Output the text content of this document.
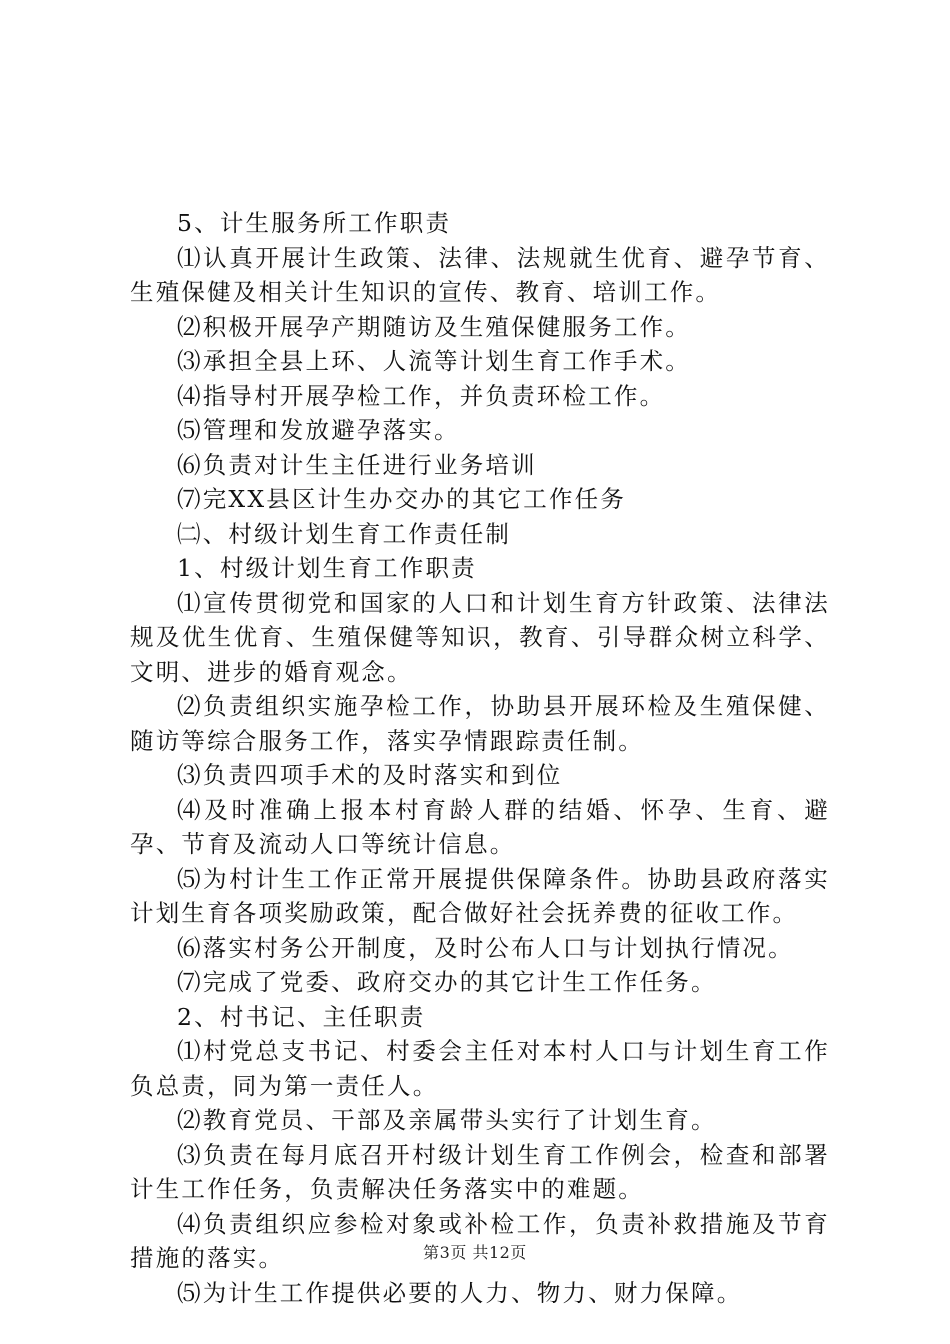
5、计生服务所工作职责

⑴认真开展计生政策、法律、法规就生优育、避孕节育、生殖保健及相关计生知识的宣传、教育、培训工作。

⑵积极开展孕产期随访及生殖保健服务工作。

⑶承担全县上环、人流等计划生育工作手术。

⑷指导村开展孕检工作，并负责环检工作。

⑸管理和发放避孕落实。

⑹负责对计生主任进行业务培训

⑺完XX县区计生办交办的其它工作任务

㈡、村级计划生育工作责任制

1、村级计划生育工作职责

⑴宣传贯彻党和国家的人口和计划生育方针政策、法律法规及优生优育、生殖保健等知识，教育、引导群众树立科学、文明、进步的婚育观念。

⑵负责组织实施孕检工作，协助县开展环检及生殖保健、随访等综合服务工作，落实孕情跟踪责任制。

⑶负责四项手术的及时落实和到位

⑷及时准确上报本村育龄人群的结婚、怀孕、生育、避孕、节育及流动人口等统计信息。

⑸为村计生工作正常开展提供保障条件。协助县政府落实计划生育各项奖励政策，配合做好社会抚养费的征收工作。

⑹落实村务公开制度，及时公布人口与计划执行情况。

⑺完成了党委、政府交办的其它计生工作任务。

2、村书记、主任职责

⑴村党总支书记、村委会主任对本村人口与计划生育工作负总责，同为第一责任人。

⑵教育党员、干部及亲属带头实行了计划生育。

⑶负责在每月底召开村级计划生育工作例会，检查和部署计生工作任务，负责解决任务落实中的难题。

⑷负责组织应参检对象或补检工作，负责补救措施及节育措施的落实。

⑸为计生工作提供必要的人力、物力、财力保障。

第3页 共12页
